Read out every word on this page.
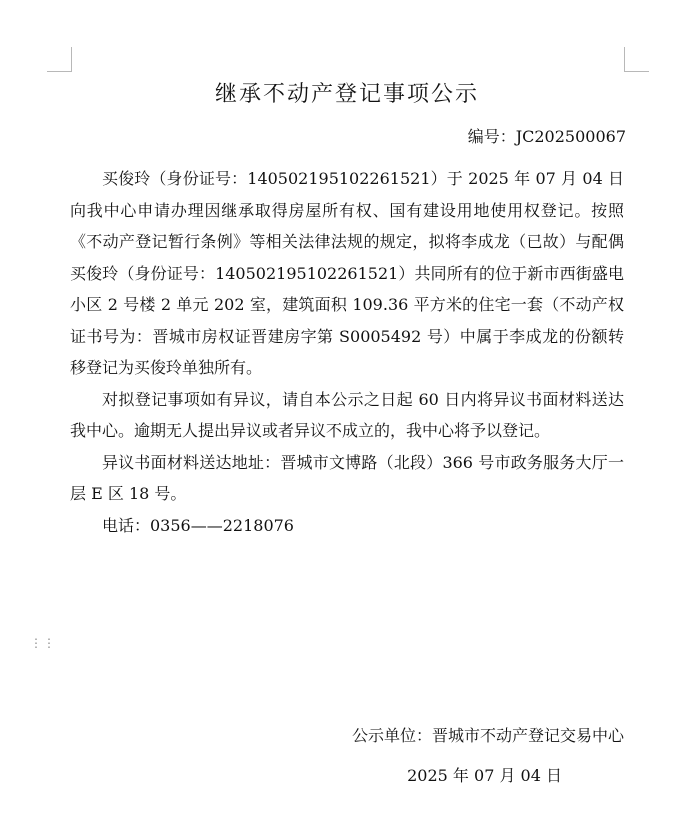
⋮⋮
继承不动产登记事项公示
编号：JC202500067

买俊玲（身份证号：140502195102261521）于 2025 年 07 月 04 日向我中心申请办理因继承取得房屋所有权、国有建设用地使用权登记。按照《不动产登记暂行条例》等相关法律法规的规定，拟将李成龙（已故）与配偶买俊玲（身份证号：140502195102261521）共同所有的位于新市西街盛电小区 2 号楼 2 单元 202 室，建筑面积 109.36 平方米的住宅一套（不动产权证书号为：晋城市房权证晋建房字第 S0005492 号）中属于李成龙的份额转移登记为买俊玲单独所有。

对拟登记事项如有异议，请自本公示之日起 60 日内将异议书面材料送达我中心。逾期无人提出异议或者异议不成立的，我中心将予以登记。

异议书面材料送达地址：晋城市文博路（北段）366 号市政务服务大厅一层 E 区 18 号。

电话：0356——2218076

公示单位：晋城市不动产登记交易中心
2025 年 07 月 04 日
